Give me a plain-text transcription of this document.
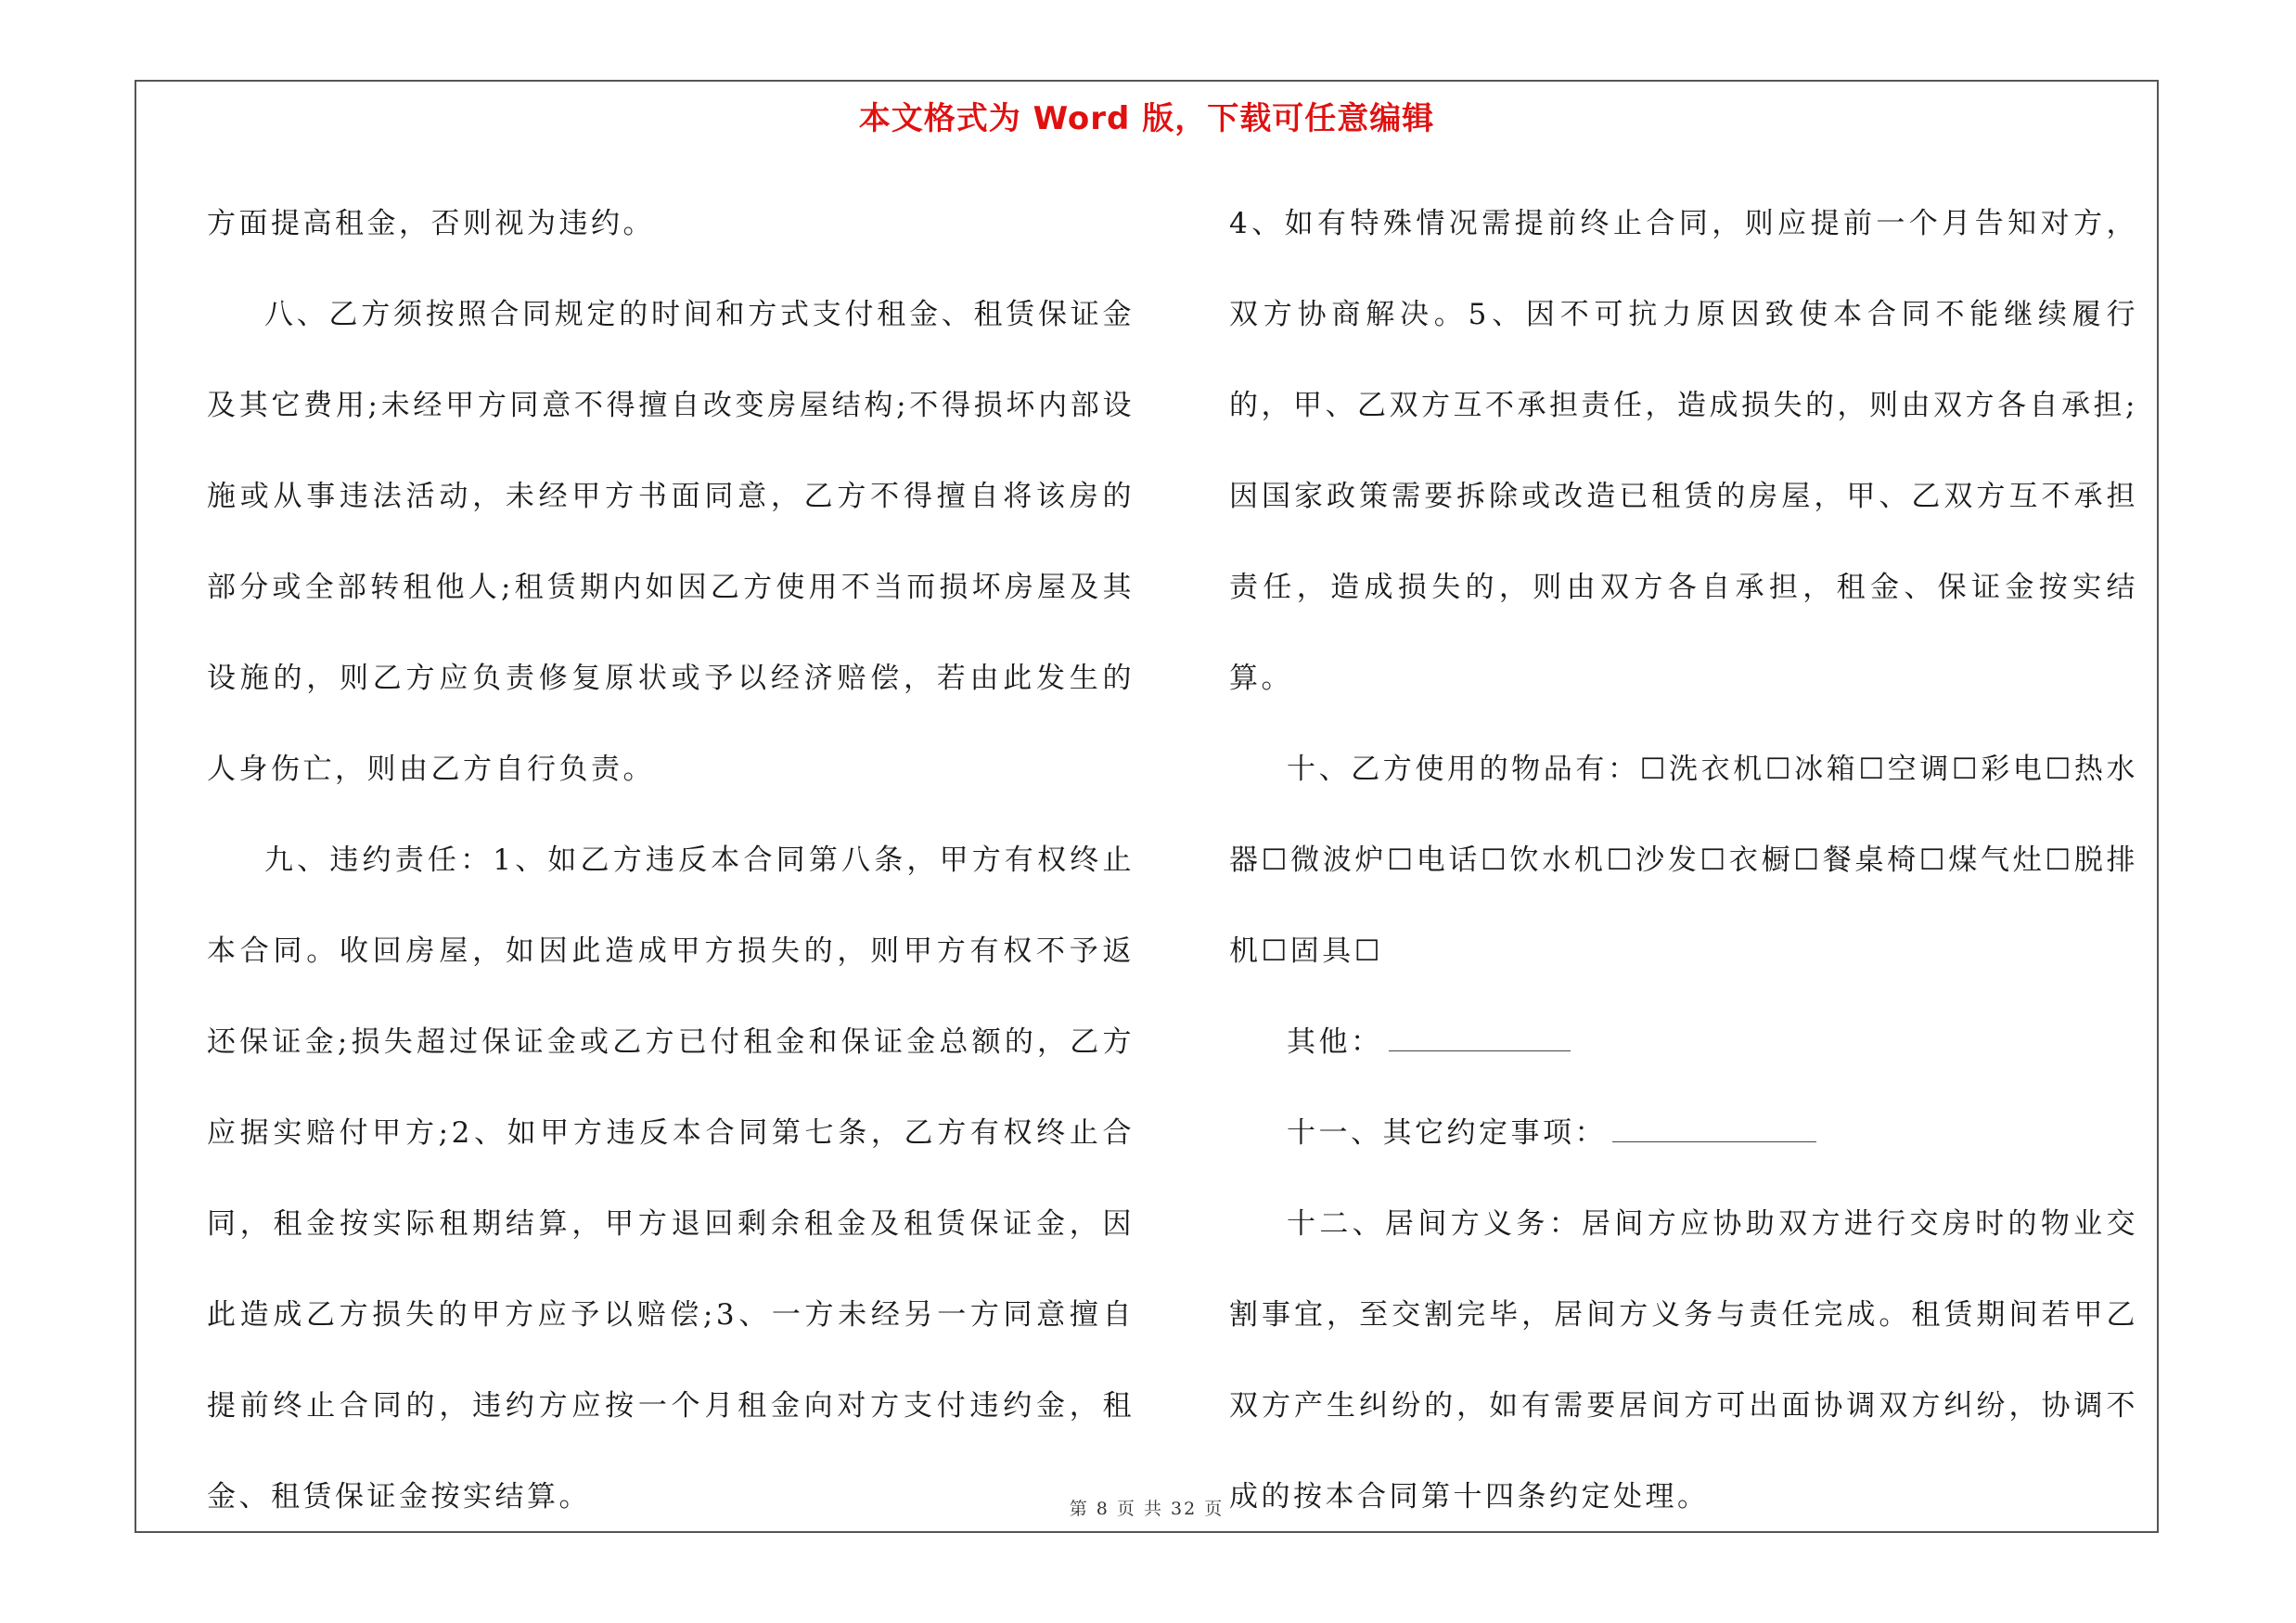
本文格式为 Word 版，下载可任意编辑

方面提高租金，否则视为违约。

八、乙方须按照合同规定的时间和方式支付租金、租赁保证金及其它费用;未经甲方同意不得擅自改变房屋结构;不得损坏内部设施或从事违法活动，未经甲方书面同意，乙方不得擅自将该房的部分或全部转租他人;租赁期内如因乙方使用不当而损坏房屋及其设施的，则乙方应负责修复原状或予以经济赔偿，若由此发生的人身伤亡，则由乙方自行负责。

九、违约责任：1、如乙方违反本合同第八条，甲方有权终止本合同。收回房屋，如因此造成甲方损失的，则甲方有权不予返还保证金;损失超过保证金或乙方已付租金和保证金总额的，乙方应据实赔付甲方;2、如甲方违反本合同第七条，乙方有权终止合同，租金按实际租期结算，甲方退回剩余租金及租赁保证金，因此造成乙方损失的甲方应予以赔偿;3、一方未经另一方同意擅自提前终止合同的，违约方应按一个月租金向对方支付违约金，租金、租赁保证金按实结算。

4、如有特殊情况需提前终止合同，则应提前一个月告知对方，双方协商解决。5、因不可抗力原因致使本合同不能继续履行的，甲、乙双方互不承担责任，造成损失的，则由双方各自承担;因国家政策需要拆除或改造已租赁的房屋，甲、乙双方互不承担责任，造成损失的，则由双方各自承担，租金、保证金按实结算。

十、乙方使用的物品有：☐洗衣机☐冰箱☐空调☐彩电☐热水器☐微波炉☐电话☐饮水机☐沙发☐衣橱☐餐桌椅☐煤气灶☐脱排机☐固具☐

其他：

十一、其它约定事项：

十二、居间方义务：居间方应协助双方进行交房时的物业交割事宜，至交割完毕，居间方义务与责任完成。租赁期间若甲乙双方产生纠纷的，如有需要居间方可出面协调双方纠纷，协调不成的按本合同第十四条约定处理。

第 8 页 共 32 页
